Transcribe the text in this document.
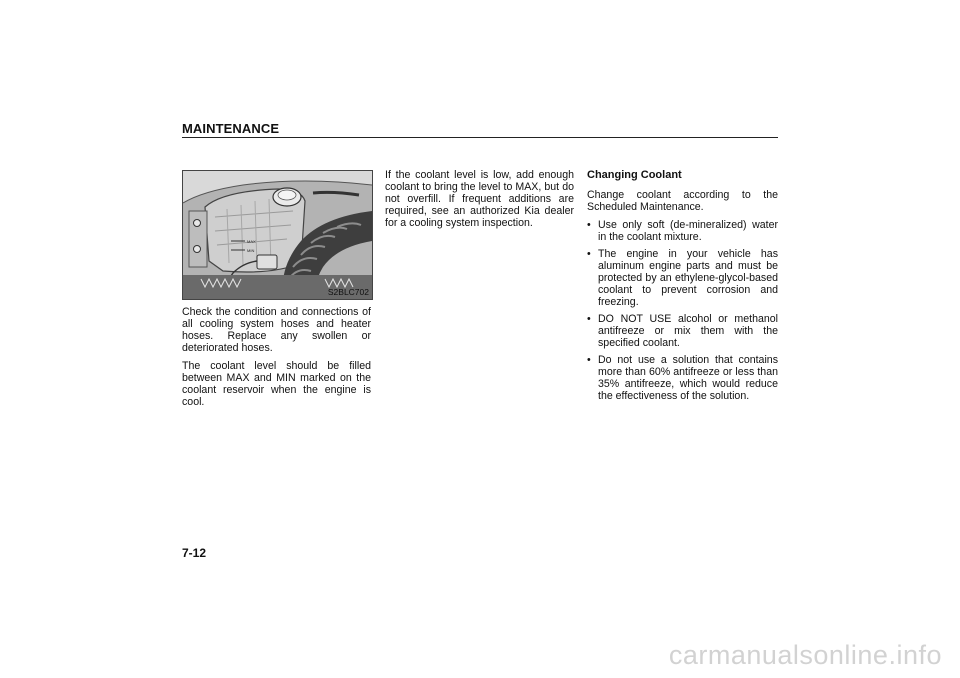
MAINTENANCE
MAX
MIN
S2BLC702

Check the condition and connections of all cooling system hoses and heater hoses. Replace any swollen or deteriorated hoses.

The coolant level should be filled between MAX and MIN marked on the coolant reservoir when the engine is cool.

If the coolant level is low, add enough coolant to bring the level to MAX, but do not overfill. If frequent additions are required, see an authorized Kia dealer for a cooling system inspection.

Changing Coolant

Change coolant according to the Scheduled Maintenance.

• Use only soft (de-mineralized) water in the coolant mixture.
• The engine in your vehicle has aluminum engine parts and must be protected by an ethylene-glycol-based coolant to prevent corrosion and freezing.
• DO NOT USE alcohol or methanol antifreeze or mix them with the specified coolant.
• Do not use a solution that contains more than 60% antifreeze or less than 35% antifreeze, which would reduce the effectiveness of the solution.
7-12
carmanualsonline.info
